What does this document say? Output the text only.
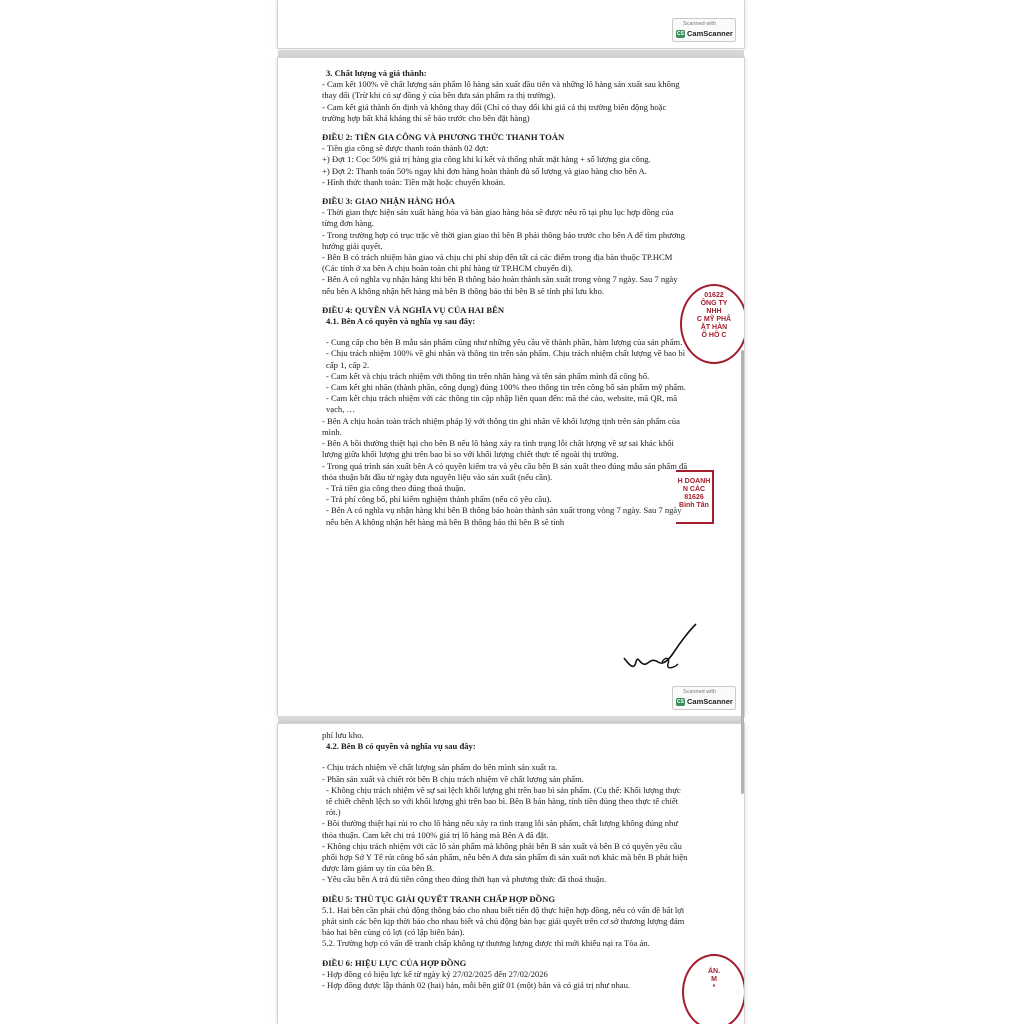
Scanned with
CS CamScanner

3. Chất lượng và giá thành:

- Cam kết 100% về chất lượng sản phẩm lô hàng sản xuất đầu tiên và những lô hàng sản xuất sau không thay đổi (Trừ khi có sự đồng ý của bên đưa sản phẩm ra thị trường).

- Cam kết giá thành ổn định và không thay đổi (Chỉ có thay đổi khi giá cả thị trường biến động hoặc trường hợp bất khả kháng thì sẽ báo trước cho bên đặt hàng)

ĐIỀU 2: TIỀN GIA CÔNG VÀ PHƯƠNG THỨC THANH TOÁN

- Tiền gia công sẽ được thanh toán thành 02 đợt:

+) Đợt 1: Cọc 50% giá trị hàng gia công khi kí kết và thống nhất mặt hàng + số lượng gia công.

+) Đợt 2: Thanh toán 50% ngay khi đơn hàng hoàn thành đủ số lượng và giao hàng cho bên A.

- Hình thức thanh toán: Tiền mặt hoặc chuyển khoản.

ĐIỀU 3: GIAO NHẬN HÀNG HÓA

- Thời gian thực hiện sản xuất hàng hóa và bàn giao hàng hóa sẽ được nêu rõ tại phụ lục hợp đồng của từng đơn hàng.

- Trong trường hợp có trục trặc về thời gian giao thì bên B phải thông báo trước cho bên A để tìm phương hướng giải quyết.

- Bên B có trách nhiệm bàn giao và chịu chi phí ship đến tất cả các điểm trong địa bàn thuộc TP.HCM (Các tỉnh ở xa bên A chịu hoàn toàn chi phí hàng từ TP.HCM chuyển đi).

- Bên A có nghĩa vụ nhận hàng khi bên B thông báo hoàn thành sản xuất trong vòng 7 ngày. Sau 7 ngày nếu bên A không nhận hết hàng mà bên B thông báo thì bên B sẽ tính phí lưu kho.

ĐIỀU 4: QUYỀN VÀ NGHĨA VỤ CỦA HAI BÊN

4.1. Bên A có quyền và nghĩa vụ sau đây:

- Cung cấp cho bên B mẫu sản phẩm cũng như những yêu cầu về thành phần, hàm lượng của sản phẩm.

- Chịu trách nhiệm 100% về ghi nhãn và thông tin trên sản phẩm. Chịu trách nhiệm chất lượng về bao bì cấp 1, cấp 2.

- Cam kết và chịu trách nhiệm với thông tin trên nhãn hàng và tên sản phẩm mình đã công bố.

- Cam kết ghi nhãn (thành phần, công dụng) đúng 100% theo thông tin trên công bố sản phẩm mỹ phẩm.

- Cam kết chịu trách nhiệm với các thông tin cập nhập liên quan đến: mã thẻ cào, website, mã QR, mã vạch, …

- Bên A chịu hoàn toàn trách nhiệm pháp lý với thông tin ghi nhãn về khối lượng tịnh trên sản phẩm của mình.

- Bên A bồi thường thiệt hại cho bên B nếu lô hàng xảy ra tình trạng lỗi chất lượng về sự sai khác khối lượng giữa khối lượng ghi trên bao bì so với khối lượng chiết thực tế ngoài thị trường.

- Trong quá trình sản xuất bên A có quyền kiểm tra và yêu cầu bên B sản xuất theo đúng mẫu sản phẩm đã thỏa thuận bắt đầu từ ngày đưa nguyên liệu vào sản xuất (nếu cần).

- Trả tiền gia công theo đúng thoả thuận.

- Trả phí công bố, phí kiểm nghiệm thành phẩm (nếu có yêu cầu).

- Bên A có nghĩa vụ nhận hàng khi bên B thông báo hoàn thành sản xuất trong vòng 7 ngày. Sau 7 ngày nếu bên A không nhận hết hàng mà bên B thông báo thì bên B sẽ tính

01622
ÔNG TY
NHH
C MỸ PHẨ
ẶT HÀN
Ố HỒ C
H DOANH
N CÁC
81626
Bình Tân
Scanned with
CS CamScanner

phí lưu kho.

4.2. Bên B có quyền và nghĩa vụ sau đây:

- Chịu trách nhiệm về chất lượng sản phẩm do bên mình sản xuất ra.

- Phần sản xuất và chiết rót bên B chịu trách nhiệm về chất lượng sản phẩm.

- Không chịu trách nhiệm về sự sai lệch khối lượng ghi trên bao bì sản phẩm. (Cụ thể: Khối lượng thực tế chiết chênh lệch so với khối lượng ghi trên bao bì. Bên B bán hàng, tính tiền đúng theo thực tế chiết rót.)

- Bồi thường thiệt hại rủi ro cho lô hàng nếu xảy ra tình trạng lỗi sản phẩm, chất lượng không đúng như thỏa thuận. Cam kết chi trả 100% giá trị lô hàng mà Bên A đã đặt.

- Không chịu trách nhiệm với các lô sản phẩm mà không phải bên B sản xuất và bên B có quyền yêu cầu phối hợp Sở Y Tế rút công bố sản phẩm, nếu bên A đưa sản phẩm đi sản xuất nơi khác mà bên B phát hiện được làm giảm uy tín của bên B.

- Yêu cầu bên A trả đủ tiền công theo đúng thời hạn và phương thức đã thoả thuận.

ĐIỀU 5: THỦ TỤC GIẢI QUYẾT TRANH CHẤP HỢP ĐỒNG

5.1. Hai bên cần phải chủ động thông báo cho nhau biết tiến độ thực hiện hợp đồng, nếu có vấn đề bất lợi phát sinh các bên kịp thời báo cho nhau biết và chủ động bàn bạc giải quyết trên cơ sở thương lượng đảm bảo hai bên cùng có lợi (có lập biên bản).

5.2. Trường hợp có vấn đề tranh chấp không tự thương lượng được thì mới khiếu nại ra Tòa án.

ĐIỀU 6: HIỆU LỰC CỦA HỢP ĐỒNG

- Hợp đồng có hiệu lực kể từ ngày ký 27/02/2025 đến 27/02/2026

- Hợp đồng được lập thành 02 (hai) bản, mỗi bên giữ 01 (một) bản và có giá trị như nhau.

ÁN.
M
*
